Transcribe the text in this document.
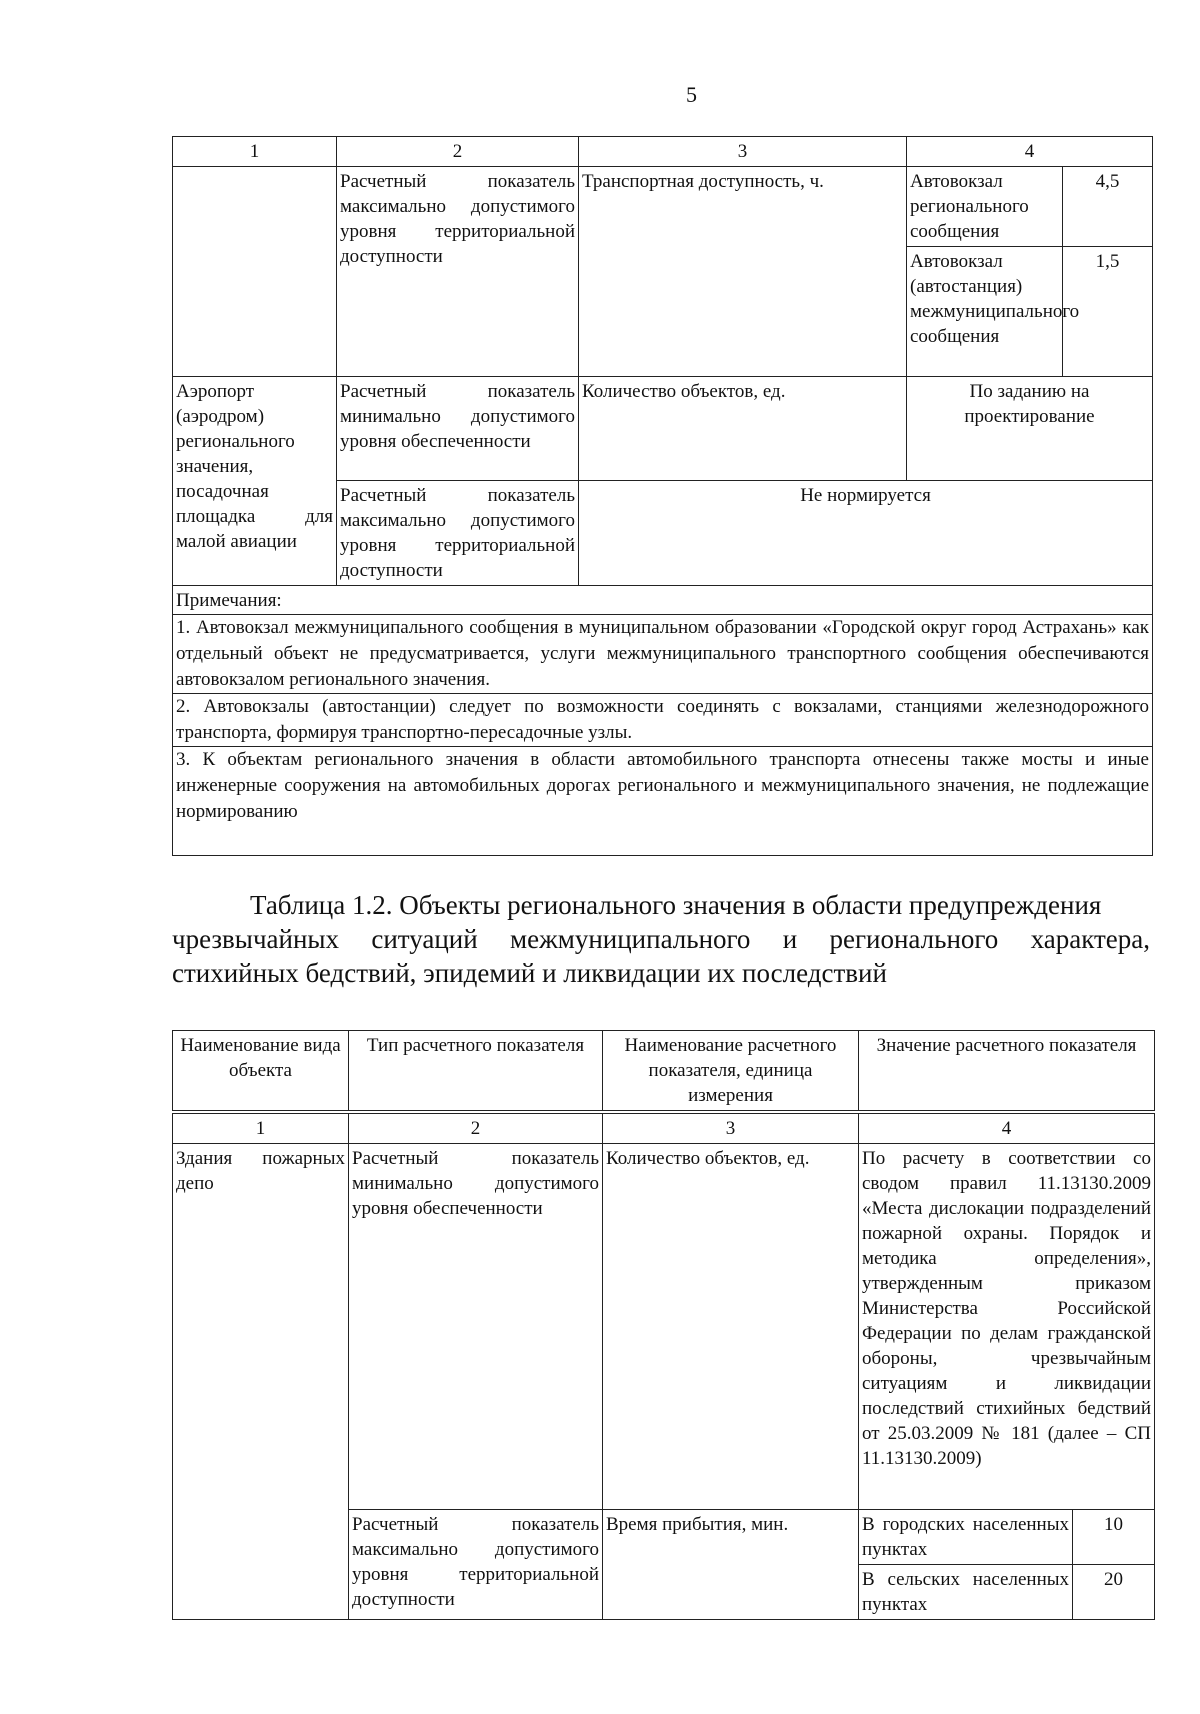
5
1	2	3	4	
	Расчетный показатель максимально допустимого уровня территориальной доступности	Транспортная доступность, ч.	Автовокзал регионального сообщения	4,5
			Автовокзал (автостанция) межмуниципального сообщения	1,5
Аэропорт (аэродром) регионального значения, посадочная площадка для малой авиации	Расчетный показатель минимально допустимого уровня обеспеченности	Количество объектов, ед.	По заданию на проектирование	
	Расчетный показатель максимально допустимого уровня территориальной доступности	Не нормируется		

Примечания:
1. Автовокзал межмуниципального сообщения в муниципальном образовании «Городской округ город Астрахань» как отдельный объект не предусматривается, услуги межмуниципального транспортного сообщения обеспечиваются автовокзалом регионального значения.
2. Автовокзалы (автостанции) следует по возможности соединять с вокзалами, станциями железнодорожного транспорта, формируя транспортно-пересадочные узлы.
3. К объектам регионального значения в области автомобильного транспорта отнесены также мосты и иные инженерные сооружения на автомобильных дорогах регионального и межмуниципального значения, не подлежащие нормированию				
Таблица 1.2. Объекты регионального значения в области предупреждения
чрезвычайных ситуаций межмуниципального и регионального характера,
стихийных бедствий, эпидемий и ликвидации их последствий
Наименование вида объекта	Тип расчетного показателя	Наименование расчетного показателя, единица измерения	Значение расчетного показателя	
1	2	3	4	
Здания пожарных депо	Расчетный показатель минимально допустимого уровня обеспеченности	Количество объектов, ед.	По расчету в соответствии со сводом правил 11.13130.2009 «Места дислокации подразделений пожарной охраны. Порядок и методика определения», утвержденным приказом Министерства Российской Федерации по делам гражданской обороны, чрезвычайным ситуациям и ликвидации последствий стихийных бедствий от 25.03.2009 № 181 (далее – СП 11.13130.2009)	
	Расчетный показатель максимально допустимого уровня территориальной доступности	Время прибытия, мин.	В городских населенных пунктах	10
			В сельских населенных пунктах	20
